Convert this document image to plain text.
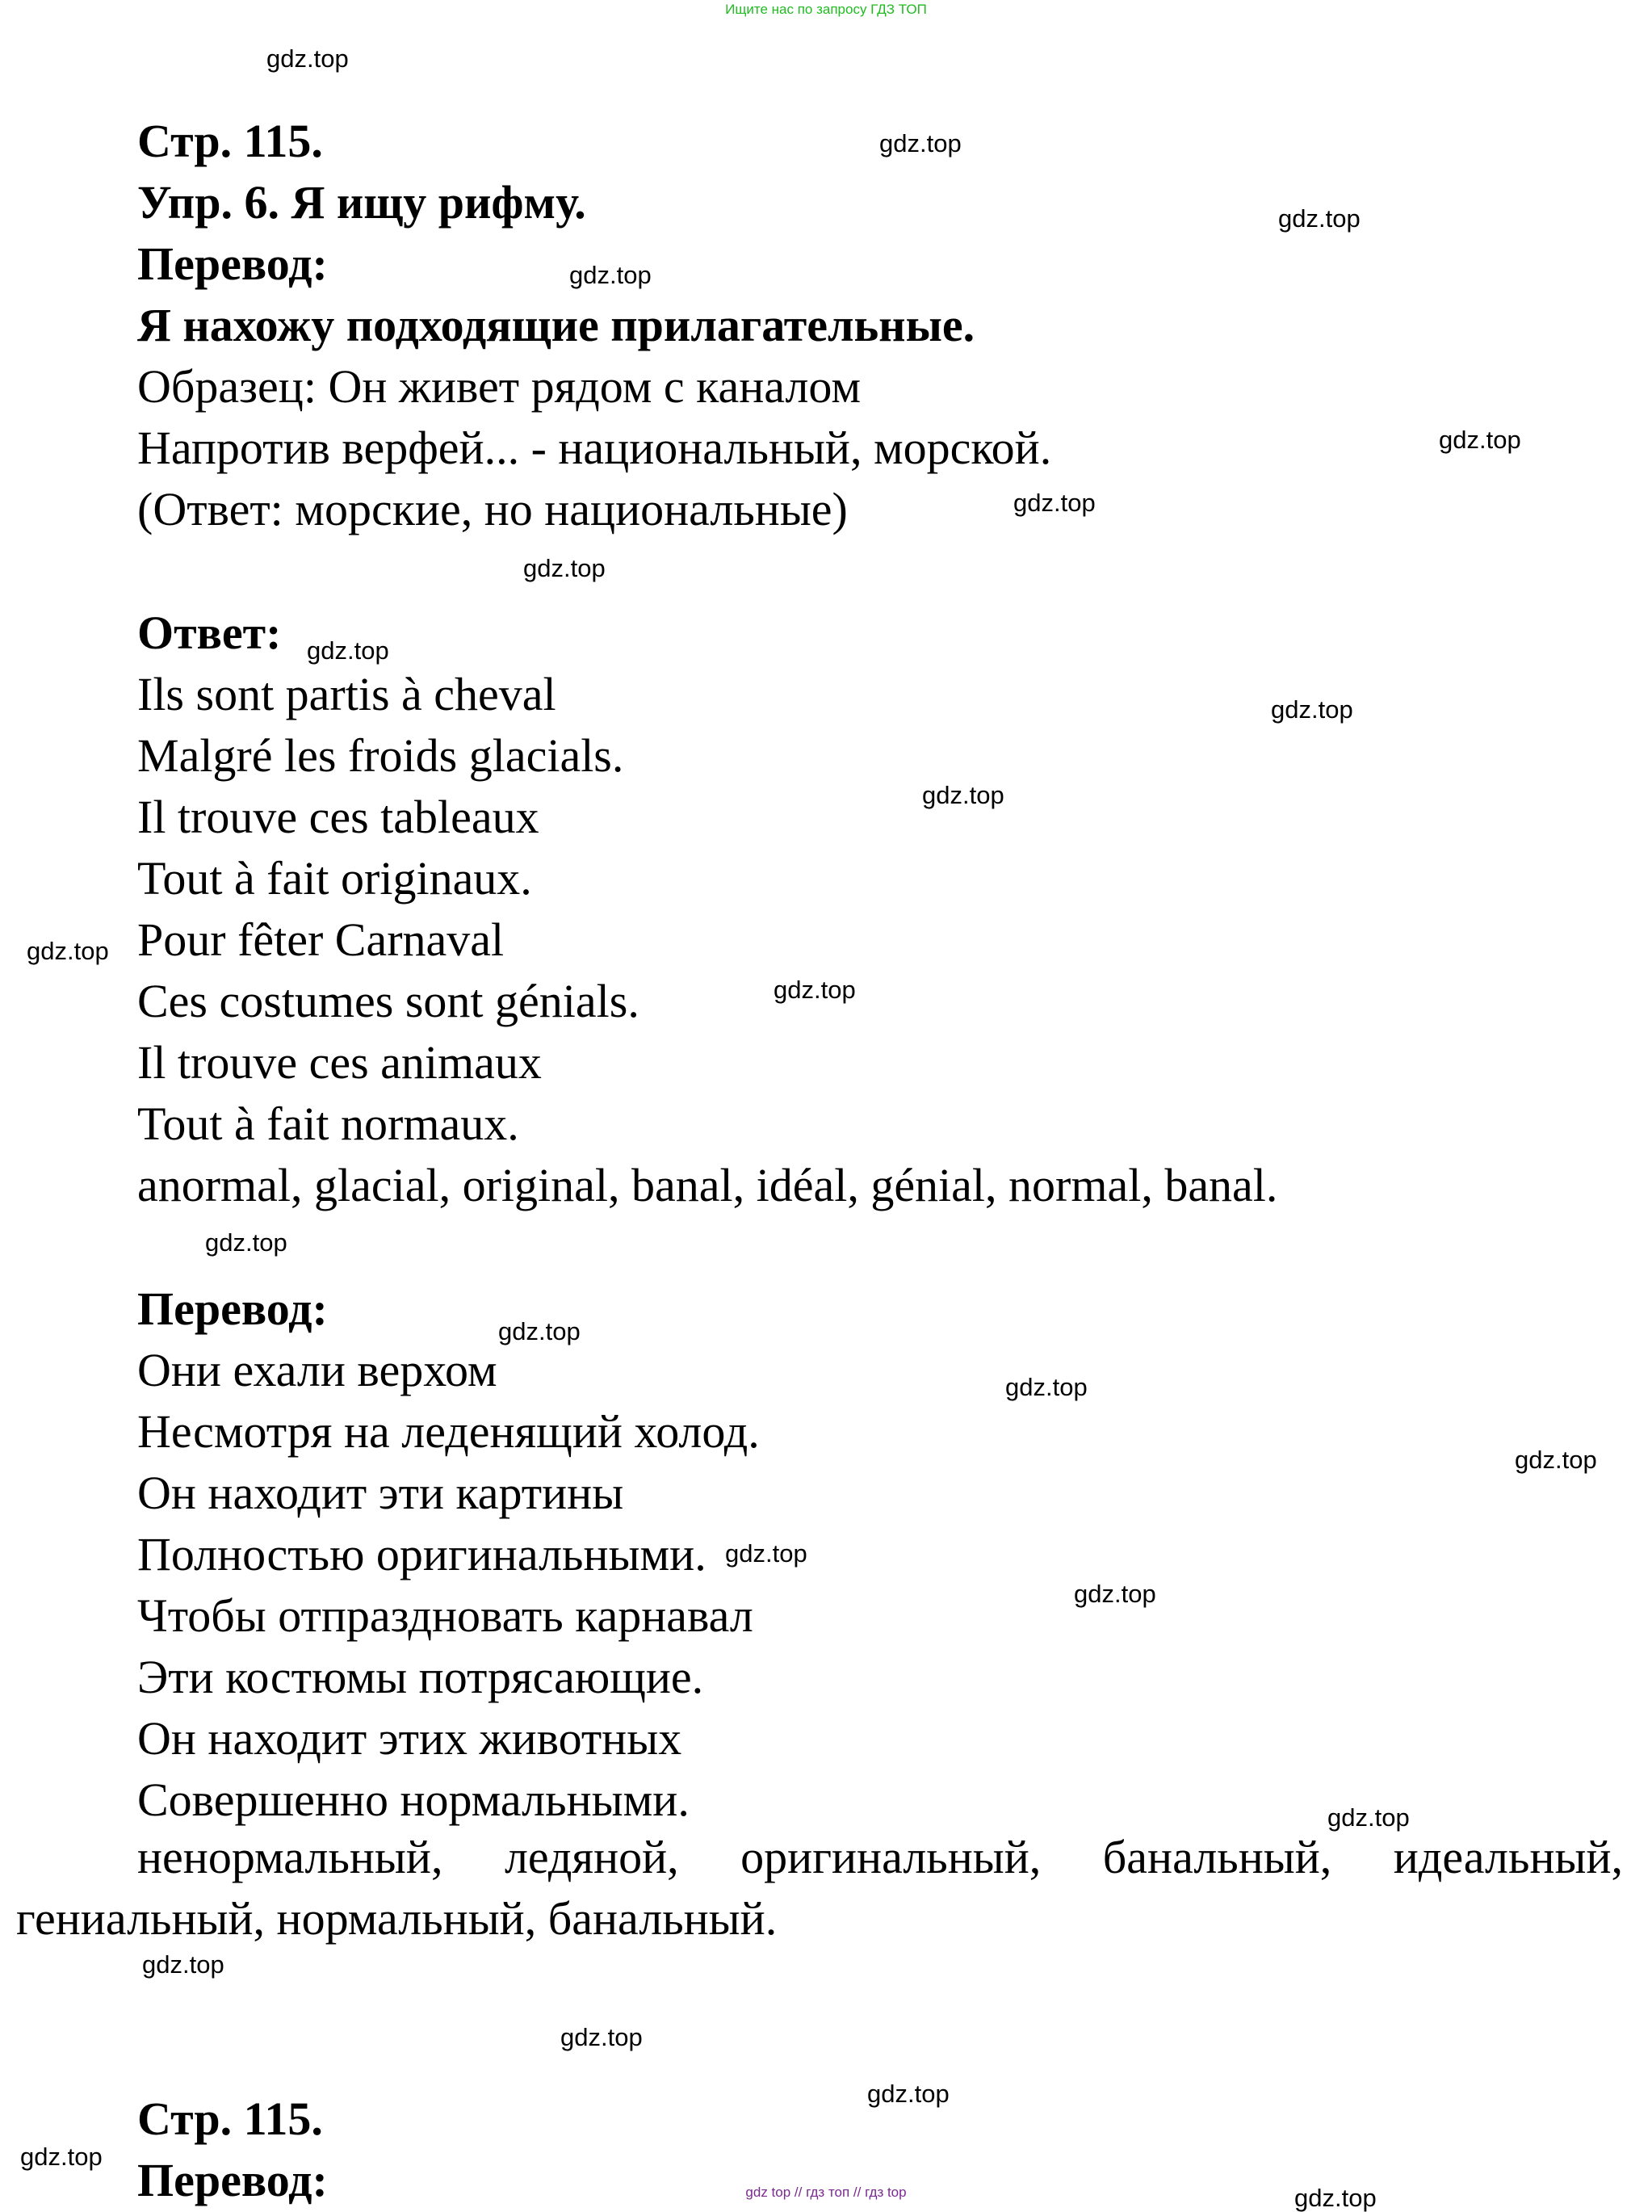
Ищите нас по запросу ГДЗ ТОП

Стр. 115.

Упр. 6. Я ищу рифму.

Перевод:

Я нахожу подходящие прилагательные.

Образец: Он живет рядом с каналом

Напротив верфей... - национальный, морской.

(Ответ: морские, но национальные)

Ответ:

Ils sont partis à cheval

Malgré les froids glacials.

Il trouve ces tableaux

Tout à fait originaux.

Pour fêter Carnaval

Ces costumes sont génials.

Il trouve ces animaux

Tout à fait normaux.

anormal, glacial, original, banal, idéal, génial, normal, banal.

Перевод:

Они ехали верхом

Несмотря на леденящий холод.

Он находит эти картины

Полностью оригинальными.

Чтобы отпраздновать карнавал

Эти костюмы потрясающие.

Он находит этих животных

Совершенно нормальными.

ненормальный, ледяной, оригинальный, банальный, идеальный, гениальный, нормальный, банальный.

Стр. 115.

Перевод:

gdz.top
gdz.top
gdz.top
gdz.top
gdz.top
gdz.top
gdz.top
gdz.top
gdz.top
gdz.top
gdz.top
gdz.top
gdz.top
gdz.top
gdz.top
gdz.top
gdz.top
gdz.top
gdz.top
gdz.top
gdz.top
gdz.top
gdz.top
gdz.top
gdz top // гдз топ // гдз top
